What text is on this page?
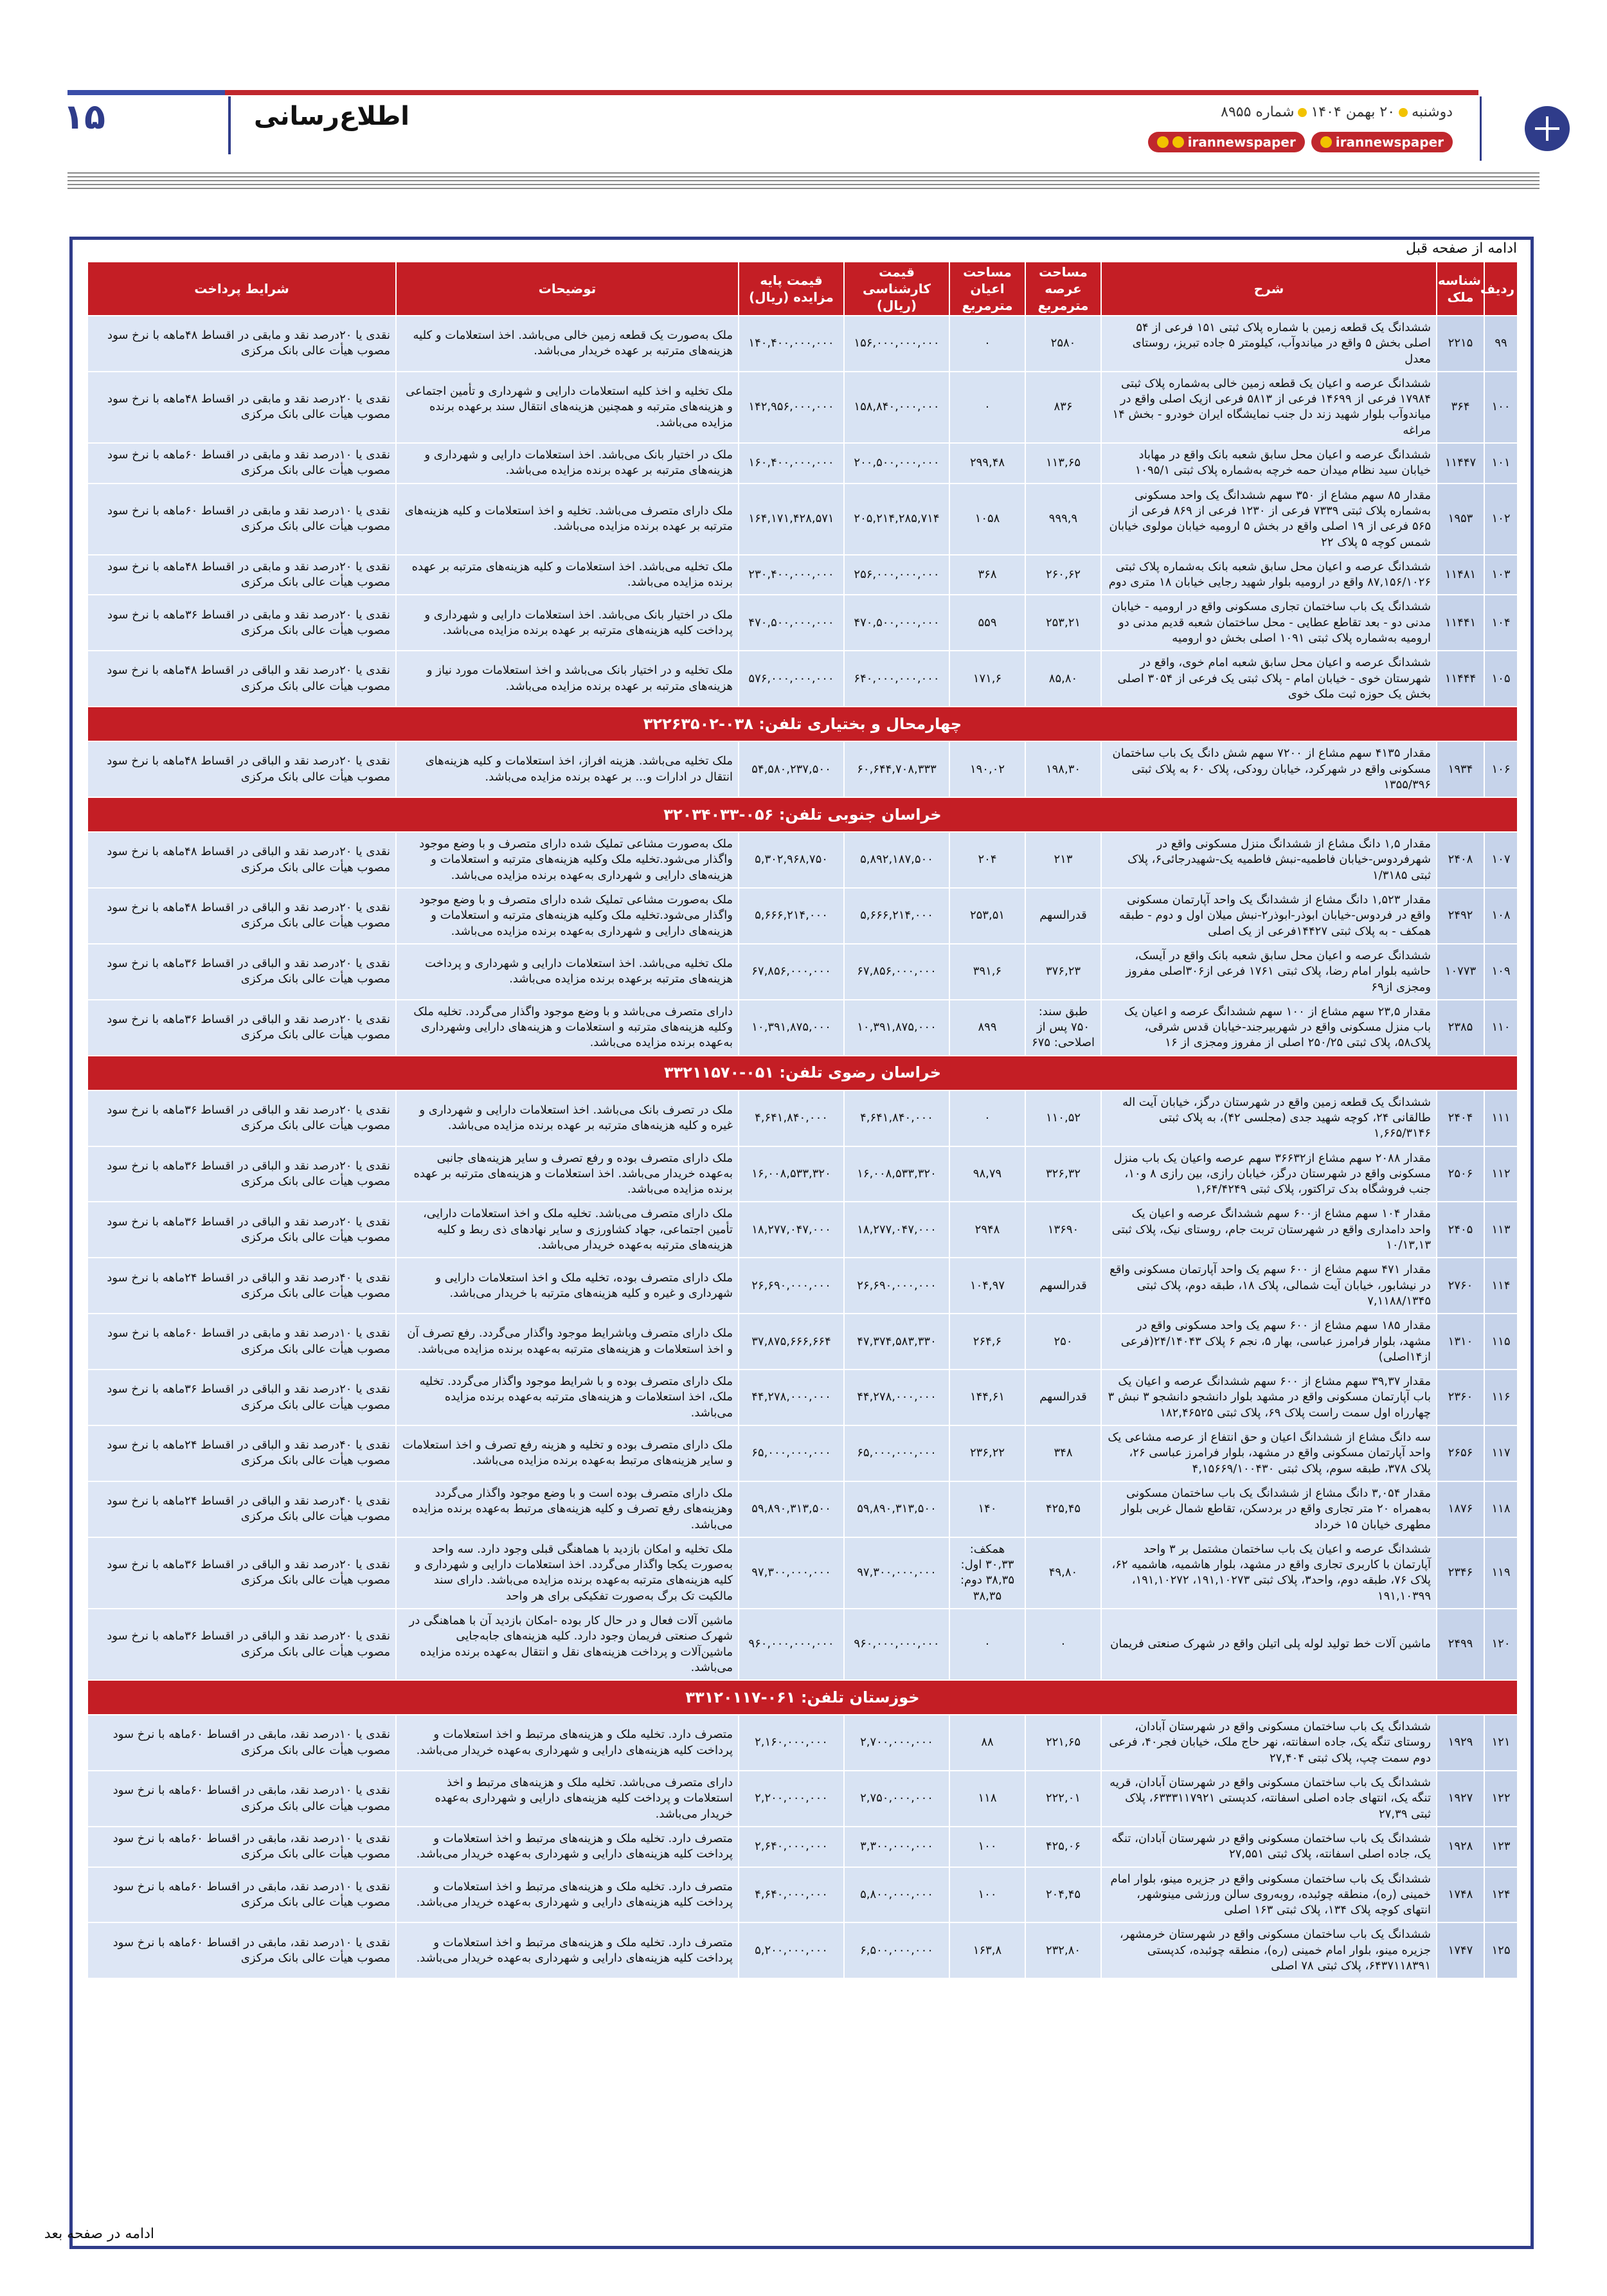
۱۵	اطلاع‌رسانی	دوشنبه۲۰ بهمن ۱۴۰۴شماره ۸۹۵۵
irannewspaper	irannewspaper
ادامه از صفحه قبل
ردیف	شناسه ملک	شرح	مساحت عرصه مترمربع	مساحت اعیان مترمربع	قیمت کارشناسی (ریال)	قیمت پایه مزایده (ریال)	توضیحات	شرایط پرداخت
۹۹	۲۲۱۵	ششدانگ یک قطعه زمین با شماره پلاک ثبتی ۱۵۱ فرعی از ۵۴ اصلی بخش ۵ واقع در میاندوآب، کیلومتر ۵ جاده تبریز، روستای معدل	۲۵۸۰	۰	۱۵۶,۰۰۰,۰۰۰,۰۰۰	۱۴۰,۴۰۰,۰۰۰,۰۰۰	ملک به‌صورت یک قطعه زمین خالی می‌باشد. اخذ استعلامات و کلیه هزینه‌های مترتبه بر عهده خریدار می‌باشد.	نقدی یا ۲۰درصد نقد و مابقی در اقساط ۴۸ماهه با نرخ سود مصوب هیأت عالی بانک مرکزی
۱۰۰	۳۶۴	ششدانگ عرصه و اعیان یک قطعه زمین خالی به‌شماره پلاک ثبتی ۱۷۹۸۴ فرعی از ۱۴۶۹۹ فرعی از ۵۸۱۳ فرعی ازیک اصلی واقع در میاندوآب بلوار شهید زند دل جنب نمایشگاه ایران خودرو - بخش ۱۴ مراغه	۸۳۶	۰	۱۵۸,۸۴۰,۰۰۰,۰۰۰	۱۴۲,۹۵۶,۰۰۰,۰۰۰	ملک تخلیه و اخذ کلیه استعلامات دارایی و شهرداری و تأمین اجتماعی و هزینه‌های مترتبه و همچنین هزینه‌های انتقال سند برعهده برنده مزایده می‌باشد.	نقدی یا ۲۰درصد نقد و مابقی در اقساط ۴۸ماهه با نرخ سود مصوب هیأت عالی بانک مرکزی
۱۰۱	۱۱۴۴۷	ششدانگ عرصه و اعیان محل سابق شعبه بانک واقع در مهاباد خیابان سید نظام میدان حمه خرچه به‌شماره پلاک ثبتی ۱۰۹۵/۱	۱۱۳,۶۵	۲۹۹,۴۸	۲۰۰,۵۰۰,۰۰۰,۰۰۰	۱۶۰,۴۰۰,۰۰۰,۰۰۰	ملک در اختیار بانک می‌باشد. اخذ استعلامات دارایی و شهرداری و هزینه‌های مترتبه بر عهده برنده مزایده می‌باشد.	نقدی یا ۱۰درصد نقد و مابقی در اقساط ۶۰ماهه با نرخ سود مصوب هیأت عالی بانک مرکزی
۱۰۲	۱۹۵۳	مقدار ۸۵ سهم مشاع از ۳۵۰ سهم ششدانگ یک واحد مسکونی به‌شماره پلاک ثبتی ۷۳۳۹ فرعی از ۱۲۳۰ فرعی از ۸۶۹ فرعی از ۵۶۵ فرعی از ۱۹ اصلی واقع در بخش ۵ ارومیه خیابان مولوی خیابان شمس کوچه ۵ پلاک ۲۲	۹۹۹,۹	۱۰۵۸	۲۰۵,۲۱۴,۲۸۵,۷۱۴	۱۶۴,۱۷۱,۴۲۸,۵۷۱	ملک دارای متصرف می‌باشد. تخلیه و اخذ استعلامات و کلیه هزینه‌های مترتبه بر عهده برنده مزایده می‌باشد.	نقدی یا ۱۰درصد نقد و مابقی در اقساط ۶۰ماهه با نرخ سود مصوب هیأت عالی بانک مرکزی
۱۰۳	۱۱۴۸۱	ششدانگ عرصه و اعیان محل سابق شعبه بانک به‌شماره پلاک ثبتی ۸۷,۱۵۶/۱۰۲۶ واقع در ارومیه بلوار شهید رجایی خیابان ۱۸ متری دوم	۲۶۰,۶۲	۳۶۸	۲۵۶,۰۰۰,۰۰۰,۰۰۰	۲۳۰,۴۰۰,۰۰۰,۰۰۰	ملک تخلیه می‌باشد. اخذ استعلامات و کلیه هزینه‌های مترتبه بر عهده برنده مزایده می‌باشد.	نقدی یا ۲۰درصد نقد و مابقی در اقساط ۴۸ماهه با نرخ سود مصوب هیأت عالی بانک مرکزی
۱۰۴	۱۱۴۴۱	ششدانگ یک باب ساختمان تجاری مسکونی واقع در ارومیه - خیابان مدنی دو - بعد تقاطع عطایی - محل ساختمان شعبه قدیم مدنی دو ارومیه به‌شماره پلاک ثبتی ۱۰۹۱ اصلی بخش دو ارومیه	۲۵۳,۲۱	۵۵۹	۴۷۰,۵۰۰,۰۰۰,۰۰۰	۴۷۰,۵۰۰,۰۰۰,۰۰۰	ملک در اختیار بانک می‌باشد. اخذ استعلامات دارایی و شهرداری و پرداخت کلیه هزینه‌های مترتبه بر عهده برنده مزایده می‌باشد.	نقدی یا ۲۰درصد نقد و مابقی در اقساط ۳۶ماهه با نرخ سود مصوب هیأت عالی بانک مرکزی
۱۰۵	۱۱۴۴۴	ششدانگ عرصه و اعیان محل سابق شعبه امام خوی، واقع در شهرستان خوی - خیابان امام - پلاک ثبتی یک فرعی از ۳۰۵۴ اصلی بخش یک حوزه ثبت ملک خوی	۸۵,۸۰	۱۷۱,۶	۶۴۰,۰۰۰,۰۰۰,۰۰۰	۵۷۶,۰۰۰,۰۰۰,۰۰۰	ملک تخلیه و در اختیار بانک می‌باشد و اخذ استعلامات مورد نیاز و هزینه‌های مترتبه بر عهده برنده مزایده می‌باشد.	نقدی یا ۲۰درصد نقد و الباقی در اقساط ۴۸ماهه با نرخ سود مصوب هیأت عالی بانک مرکزی
چهارمحال و بختیاری تلفن: ۰۳۸-۳۲۲۶۳۵۰۲								
۱۰۶	۱۹۳۴	مقدار ۴۱۳۵ سهم مشاع از ۷۲۰۰ سهم شش دانگ یک باب ساختمان مسکونی واقع در شهرکرد، خیابان رودکی، پلاک ۶۰ به پلاک ثبتی ۱۳۵۵/۳۹۶	۱۹۸,۳۰	۱۹۰,۰۲	۶۰,۶۴۴,۷۰۸,۳۳۳	۵۴,۵۸۰,۲۳۷,۵۰۰	ملک تخلیه می‌باشد. هزینه افراز، اخذ استعلامات و کلیه هزینه‌های انتقال در ادارات و... بر عهده برنده مزایده می‌باشد.	نقدی یا ۲۰درصد نقد و الباقی در اقساط ۴۸ماهه با نرخ سود مصوب هیأت عالی بانک مرکزی
خراسان جنوبی تلفن: ۰۵۶-۳۲۰۳۴۰۳۳								
۱۰۷	۲۴۰۸	مقدار ۱,۵ دانگ مشاع از ششدانگ منزل مسکونی واقع در شهرفردوس-خیابان فاطمیه-نبش فاطمیه یک-شهیدرجائی۶، پلاک ثبتی ۱/۳۱۸۵	۲۱۳	۲۰۴	۵,۸۹۲,۱۸۷,۵۰۰	۵,۳۰۲,۹۶۸,۷۵۰	ملک به‌صورت مشاعی تملیک شده دارای متصرف و با وضع موجود واگذار می‌شود.تخلیه ملک وکلیه هزینه‌های مترتبه و استعلامات و هزینه‌های دارایی و شهرداری به‌عهده برنده مزایده می‌باشد.	نقدی یا ۲۰درصد نقد و الباقی در اقساط ۴۸ماهه با نرخ سود مصوب هیأت عالی بانک مرکزی
۱۰۸	۲۴۹۲	مقدار ۱,۵۲۳ دانگ مشاع از ششدانگ یک واحد آپارتمان مسکونی واقع در فردوس-خیابان ابوذر-ابوذر۲-نبش میلان اول و دوم - طبقه همکف - به پلاک ثبتی ۱۴۴۲۷فرعی از یک اصلی	قدرالسهم	۲۵۳,۵۱	۵,۶۶۶,۲۱۴,۰۰۰	۵,۶۶۶,۲۱۴,۰۰۰	ملک به‌صورت مشاعی تملیک شده دارای متصرف و با وضع موجود واگذار می‌شود.تخلیه ملک وکلیه هزینه‌های مترتبه و استعلامات و هزینه‌های دارایی و شهرداری به‌عهده برنده مزایده می‌باشد.	نقدی یا ۲۰درصد نقد و الباقی در اقساط ۴۸ماهه با نرخ سود مصوب هیأت عالی بانک مرکزی
۱۰۹	۱۰۷۷۳	ششدانگ عرصه و اعیان محل سابق شعبه بانک واقع در آیسک، حاشیه بلوار امام رضا، پلاک ثبتی ۱۷۶۱ فرعی از۳۰۶اصلی مفروز ومجزی از۶۹	۳۷۶,۲۳	۳۹۱,۶	۶۷,۸۵۶,۰۰۰,۰۰۰	۶۷,۸۵۶,۰۰۰,۰۰۰	ملک تخلیه می‌باشد. اخذ استعلامات دارایی و شهرداری و پرداخت هزینه‌های مترتبه برعهده برنده مزایده می‌باشد.	نقدی یا ۲۰درصد نقد و الباقی در اقساط ۳۶ماهه با نرخ سود مصوب هیأت عالی بانک مرکزی
۱۱۰	۲۳۸۵	مقدار ۲۳,۵ سهم مشاع از ۱۰۰ سهم ششدانگ عرصه و اعیان یک باب منزل مسکونی واقع در شهربیرجند-خیابان قدس شرقی، پلاک۵۸، پلاک ثبتی ۲۵۰/۲۵ اصلی از مفروز ومجزی از ۱۶	طبق سند: ۷۵۰ پس از اصلاحی: ۶۷۵	۸۹۹	۱۰,۳۹۱,۸۷۵,۰۰۰	۱۰,۳۹۱,۸۷۵,۰۰۰	دارای متصرف می‌باشد و با وضع موجود واگذار می‌گردد. تخلیه ملک وکلیه هزینه‌های مترتبه و استعلامات و هزینه‌های دارایی وشهرداری به‌عهده برنده مزایده می‌باشد.	نقدی یا ۲۰درصد نقد و الباقی در اقساط ۳۶ماهه با نرخ سود مصوب هیأت عالی بانک مرکزی
خراسان رضوی تلفن: ۰۵۱-۳۳۲۱۱۵۷۰								
۱۱۱	۲۴۰۴	ششدانگ یک قطعه زمین واقع در شهرستان درگز، خیابان آیت اله طالقانی ۲۴، کوچه شهید جدی (مجلسی ۴۲)، به پلاک ثبتی ۱,۶۶۵/۳۱۴۶	۱۱۰,۵۲	۰	۴,۶۴۱,۸۴۰,۰۰۰	۴,۶۴۱,۸۴۰,۰۰۰	ملک در تصرف بانک می‌باشد. اخذ استعلامات دارایی و شهرداری و غیره و کلیه هزینه‌های مترتبه بر عهده برنده مزایده می‌باشد.	نقدی یا ۲۰درصد نقد و الباقی در اقساط ۳۶ماهه با نرخ سود مصوب هیأت عالی بانک مرکزی
۱۱۲	۲۵۰۶	مقدار ۲۰۸۸ سهم مشاع از۳۶۶۳۲ سهم عرصه واعیان یک باب منزل مسکونی واقع در شهرستان درگز، خیابان رازی، بین رازی ۸ و۱۰، جنب فروشگاه بدک تراکتور، پلاک ثبتی ۱,۶۴/۴۲۴۹	۳۲۶,۳۲	۹۸,۷۹	۱۶,۰۰۸,۵۳۳,۳۲۰	۱۶,۰۰۸,۵۳۳,۳۲۰	ملک دارای متصرف بوده و رفع تصرف و سایر هزینه‌های جانبی به‌عهده خریدار می‌باشد. اخذ استعلامات و هزینه‌های مترتبه بر عهده برنده مزایده می‌باشد.	نقدی یا ۲۰درصد نقد و الباقی در اقساط ۳۶ماهه با نرخ سود مصوب هیأت عالی بانک مرکزی
۱۱۳	۲۴۰۵	مقدار ۱۰۴ سهم مشاع از۶۰۰ سهم ششدانگ عرصه و اعیان یک واحد دامداری واقع در شهرستان تربت جام، روستای نیک، پلاک ثبتی ۱۰/۱۳,۱۳	۱۳۶۹۰	۲۹۴۸	۱۸,۲۷۷,۰۴۷,۰۰۰	۱۸,۲۷۷,۰۴۷,۰۰۰	ملک دارای متصرف می‌باشد. تخلیه ملک و اخذ استعلامات دارایی، تأمین اجتماعی، جهاد کشاورزی و سایر نهادهای ذی ربط و کلیه هزینه‌های مترتبه به‌عهده خریدار می‌باشد.	نقدی یا ۲۰درصد نقد و الباقی در اقساط ۳۶ماهه با نرخ سود مصوب هیأت عالی بانک مرکزی
۱۱۴	۲۷۶۰	مقدار ۴۷۱ سهم مشاع از ۶۰۰ سهم یک واحد آپارتمان مسکونی واقع در نیشابور، خیابان آیت شمالی، پلاک ۱۸، طبقه دوم، پلاک ثبتی ۷,۱۱۸۸/۱۳۴۵	قدرالسهم	۱۰۴,۹۷	۲۶,۶۹۰,۰۰۰,۰۰۰	۲۶,۶۹۰,۰۰۰,۰۰۰	ملک دارای متصرف بوده، تخلیه ملک و اخذ استعلامات دارایی و شهرداری و غیره و کلیه هزینه‌های مترتبه با خریدار می‌باشد.	نقدی یا ۴۰درصد نقد و الباقی در اقساط ۲۴ماهه با نرخ سود مصوب هیأت عالی بانک مرکزی
۱۱۵	۱۳۱۰	مقدار ۱۸۵ سهم مشاع از ۶۰۰ سهم یک واحد مسکونی واقع در مشهد، بلوار فرامرز عباسی، بهار ۵، نجم ۶ پلاک ۲۴/۱۴۰۴۳(فرعی از۱۴اصلی)	۲۵۰	۲۶۴,۶	۴۷,۳۷۴,۵۸۳,۳۳۰	۳۷,۸۷۵,۶۶۶,۶۶۴	ملک دارای متصرف وباشرایط موجود واگذار می‌گردد. رفع تصرف آن و اخذ استعلامات و هزینه‌های مترتبه به‌عهده برنده مزایده می‌باشد.	نقدی یا ۱۰درصد نقد و مابقی در اقساط ۶۰ماهه با نرخ سود مصوب هیأت عالی بانک مرکزی
۱۱۶	۲۳۶۰	مقدار ۳۹,۳۷ سهم مشاع از ۶۰۰ سهم ششدانگ عرصه و اعیان یک باب آپارتمان مسکونی واقع در مشهد بلوار دانشجو دانشجو ۳ نبش ۳ چهارراه اول سمت راست پلاک ۶۹، پلاک ثبتی ۱۸۲,۴۶۵۲۵	قدرالسهم	۱۴۴,۶۱	۴۴,۲۷۸,۰۰۰,۰۰۰	۴۴,۲۷۸,۰۰۰,۰۰۰	ملک دارای متصرف بوده و با شرایط موجود واگذار می‌گردد. تخلیه ملک، اخذ استعلامات و هزینه‌های مترتبه به‌عهده برنده مزایده می‌باشد.	نقدی یا ۲۰درصد نقد و الباقی در اقساط ۳۶ماهه با نرخ سود مصوب هیأت عالی بانک مرکزی
۱۱۷	۲۶۵۶	سه دانگ مشاع از ششدانگ اعیان و حق انتفاع از عرصه مشاعی یک واحد آپارتمان مسکونی واقع در مشهد، بلوار فرامرز عباسی ۲۶، پلاک ۳۷۸، طبقه سوم، پلاک ثبتی ۴,۱۵۶۶۹/۱۰۰۴۳۰	۳۴۸	۲۳۶,۲۲	۶۵,۰۰۰,۰۰۰,۰۰۰	۶۵,۰۰۰,۰۰۰,۰۰۰	ملک دارای متصرف بوده و تخلیه و هزینه رفع تصرف و اخذ استعلامات و سایر هزینه‌های مرتبط به‌عهده برنده مزایده می‌باشد.	نقدی یا ۴۰درصد نقد و الباقی در اقساط ۲۴ماهه با نرخ سود مصوب هیأت عالی بانک مرکزی
۱۱۸	۱۸۷۶	مقدار ۳,۰۵۴ دانگ مشاع از ششدانگ یک باب ساختمان مسکونی به‌همراه ۲۰ متر تجاری واقع در بردسکن، تقاطع شمال غربی بلوار مطهری خیابان ۱۵ خرداد	۴۲۵,۴۵	۱۴۰	۵۹,۸۹۰,۳۱۳,۵۰۰	۵۹,۸۹۰,۳۱۳,۵۰۰	ملک دارای متصرف بوده است و با وضع موجود واگذار می‌گردد وهزینه‌های رفع تصرف و کلیه هزینه‌های مرتبط به‌عهده برنده مزایده می‌باشد.	نقدی یا ۴۰درصد نقد و الباقی در اقساط ۲۴ماهه با نرخ سود مصوب هیأت عالی بانک مرکزی
۱۱۹	۲۳۴۶	ششدانگ عرصه و اعیان یک باب ساختمان مشتمل بر ۳ واحد آپارتمان با کاربری تجاری واقع در مشهد، بلوار هاشمیه، هاشمیه ۶۲، پلاک ۷۶، طبقه دوم، واحد۳، پلاک ثبتی ۱۹۱,۱۰۲۷۳، ۱۹۱,۱۰۲۷۲، ۱۹۱,۱۰۳۹۹	۴۹,۸۰	همکف: ۳۰,۳۳ اول: ۳۸,۳۵ دوم: ۳۸,۳۵	۹۷,۳۰۰,۰۰۰,۰۰۰	۹۷,۳۰۰,۰۰۰,۰۰۰	ملک تخلیه و امکان بازدید با هماهنگی قبلی وجود دارد. سه واحد به‌صورت یکجا واگذار می‌گردد. اخذ استعلامات دارایی و شهرداری و کلیه هزینه‌های مترتبه به‌عهده برنده مزایده می‌باشد. دارای سند مالکیت تک برگ به‌صورت تفکیکی برای هر واحد	نقدی یا ۲۰درصد نقد و الباقی در اقساط ۳۶ماهه با نرخ سود مصوب هیأت عالی بانک مرکزی
۱۲۰	۲۴۹۹	ماشین آلات خط تولید لوله پلی اتیلن واقع در شهرک صنعتی فریمان	۰	۰	۹۶۰,۰۰۰,۰۰۰,۰۰۰	۹۶۰,۰۰۰,۰۰۰,۰۰۰	ماشین آلات فعال و در حال کار بوده -امکان بازدید آن با هماهنگی در شهرک صنعتی فریمان وجود دارد. کلیه هزینه‌های جابه‌جایی ماشین‌آلات و پرداخت هزینه‌های نقل و انتقال به‌عهده برنده مزایده می‌باشد.	نقدی یا ۲۰درصد نقد و الباقی در اقساط ۳۶ماهه با نرخ سود مصوب هیأت عالی بانک مرکزی
خوزستان تلفن: ۰۶۱-۳۳۱۲۰۱۱۷								
۱۲۱	۱۹۲۹	ششدانگ یک باب ساختمان مسکونی واقع در شهرستان آبادان، روستای تنگه یک، جاده اسفانته، نهر حاج ملک، خیابان فجر۴۰، فرعی دوم سمت چپ، پلاک ثبتی ۲۷,۴۰۴	۲۲۱,۶۵	۸۸	۲,۷۰۰,۰۰۰,۰۰۰	۲,۱۶۰,۰۰۰,۰۰۰	متصرف دارد. تخلیه ملک و هزینه‌های مرتبط و اخذ استعلامات و پرداخت کلیه هزینه‌های دارایی و شهرداری به‌عهده خریدار می‌باشد.	نقدی یا ۱۰درصد نقد، مابقی در اقساط ۶۰ماهه با نرخ سود مصوب هیأت عالی بانک مرکزی
۱۲۲	۱۹۲۷	ششدانگ یک باب ساختمان مسکونی واقع در شهرستان آبادان، قریه تنگه یک، انتهای جاده اصلی اسفانته، کدپستی ۶۳۳۳۱۱۷۹۲۱، پلاک ثبتی ۲۷,۳۹	۲۲۲,۰۱	۱۱۸	۲,۷۵۰,۰۰۰,۰۰۰	۲,۲۰۰,۰۰۰,۰۰۰	دارای متصرف می‌باشد. تخلیه ملک و هزینه‌های مرتبط و اخذ استعلامات و پرداخت کلیه هزینه‌های دارایی و شهرداری به‌عهده خریدار می‌باشد.	نقدی یا ۱۰درصد نقد، مابقی در اقساط ۶۰ماهه با نرخ سود مصوب هیأت عالی بانک مرکزی
۱۲۳	۱۹۲۸	ششدانگ یک باب ساختمان مسکونی واقع در شهرستان آبادان، تنگه یک، جاده اصلی اسفانته، پلاک ثبتی ۲۷,۵۵۱	۴۲۵,۰۶	۱۰۰	۳,۳۰۰,۰۰۰,۰۰۰	۲,۶۴۰,۰۰۰,۰۰۰	متصرف دارد. تخلیه ملک و هزینه‌های مرتبط و اخذ استعلامات و پرداخت کلیه هزینه‌های دارایی و شهرداری به‌عهده خریدار می‌باشد.	نقدی یا ۱۰درصد نقد، مابقی در اقساط ۶۰ماهه با نرخ سود مصوب هیأت عالی بانک مرکزی
۱۲۴	۱۷۴۸	ششدانگ یک باب ساختمان مسکونی واقع در جزیره مینو، بلوار امام خمینی (ره)، منطقه چوئبده، روبه‌روی سالن ورزشی مینوشهر، انتهای کوچه پلاک ۱۳۴، پلاک ثبتی ۱۶۳ اصلی	۲۰۴,۴۵	۱۰۰	۵,۸۰۰,۰۰۰,۰۰۰	۴,۶۴۰,۰۰۰,۰۰۰	متصرف دارد. تخلیه ملک و هزینه‌های مرتبط و اخذ استعلامات و پرداخت کلیه هزینه‌های دارایی و شهرداری به‌عهده خریدار می‌باشد.	نقدی یا ۱۰درصد نقد، مابقی در اقساط ۶۰ماهه با نرخ سود مصوب هیأت عالی بانک مرکزی
۱۲۵	۱۷۴۷	ششدانگ یک باب ساختمان مسکونی واقع در شهرستان خرمشهر، جزیره مینو، بلوار امام خمینی (ره)، منطقه چوئبده، کدپستی ۶۴۳۷۱۱۸۳۹۱، پلاک ثبتی ۷۸ اصلی	۲۳۲,۸۰	۱۶۳,۸	۶,۵۰۰,۰۰۰,۰۰۰	۵,۲۰۰,۰۰۰,۰۰۰	متصرف دارد. تخلیه ملک و هزینه‌های مرتبط و اخذ استعلامات و پرداخت کلیه هزینه‌های دارایی و شهرداری به‌عهده خریدار می‌باشد.	نقدی یا ۱۰درصد نقد، مابقی در اقساط ۶۰ماهه با نرخ سود مصوب هیأت عالی بانک مرکزی
ادامه در صفحه بعد
